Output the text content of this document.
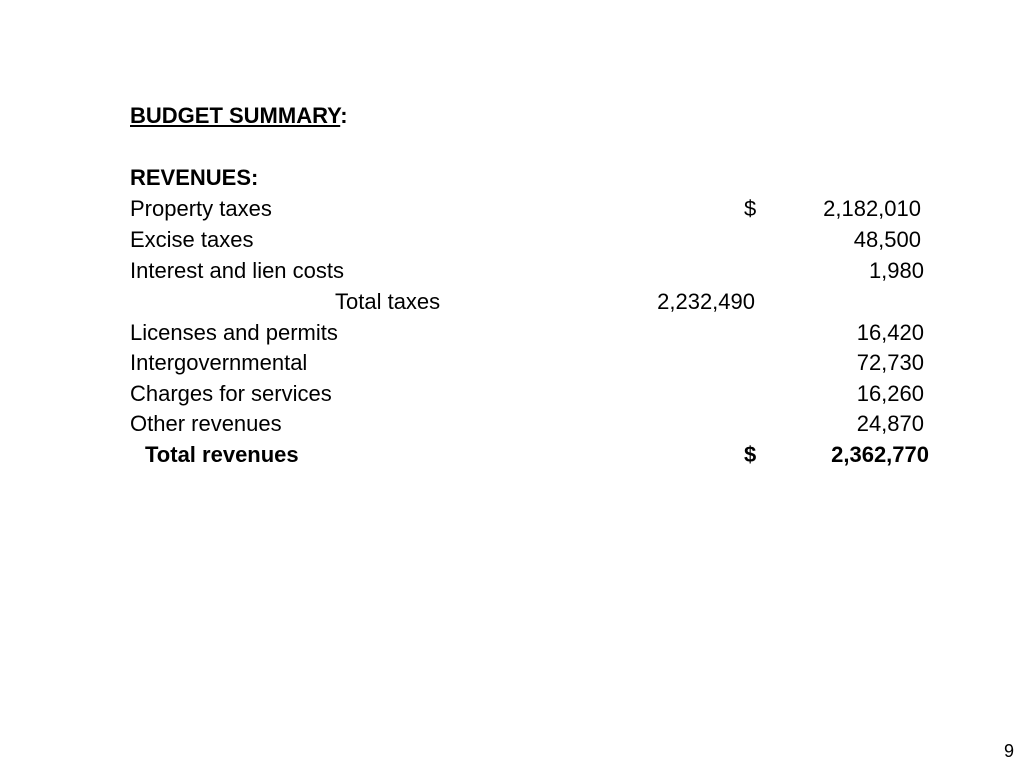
BUDGET SUMMARY:
REVENUES:
Property taxes	$	2,182,010
Excise taxes	48,500
Interest and lien costs	1,980
Total taxes	2,232,490
Licenses and permits	16,420
Intergovernmental	72,730
Charges for services	16,260
Other revenues	24,870
Total revenues	$	2,362,770
9
